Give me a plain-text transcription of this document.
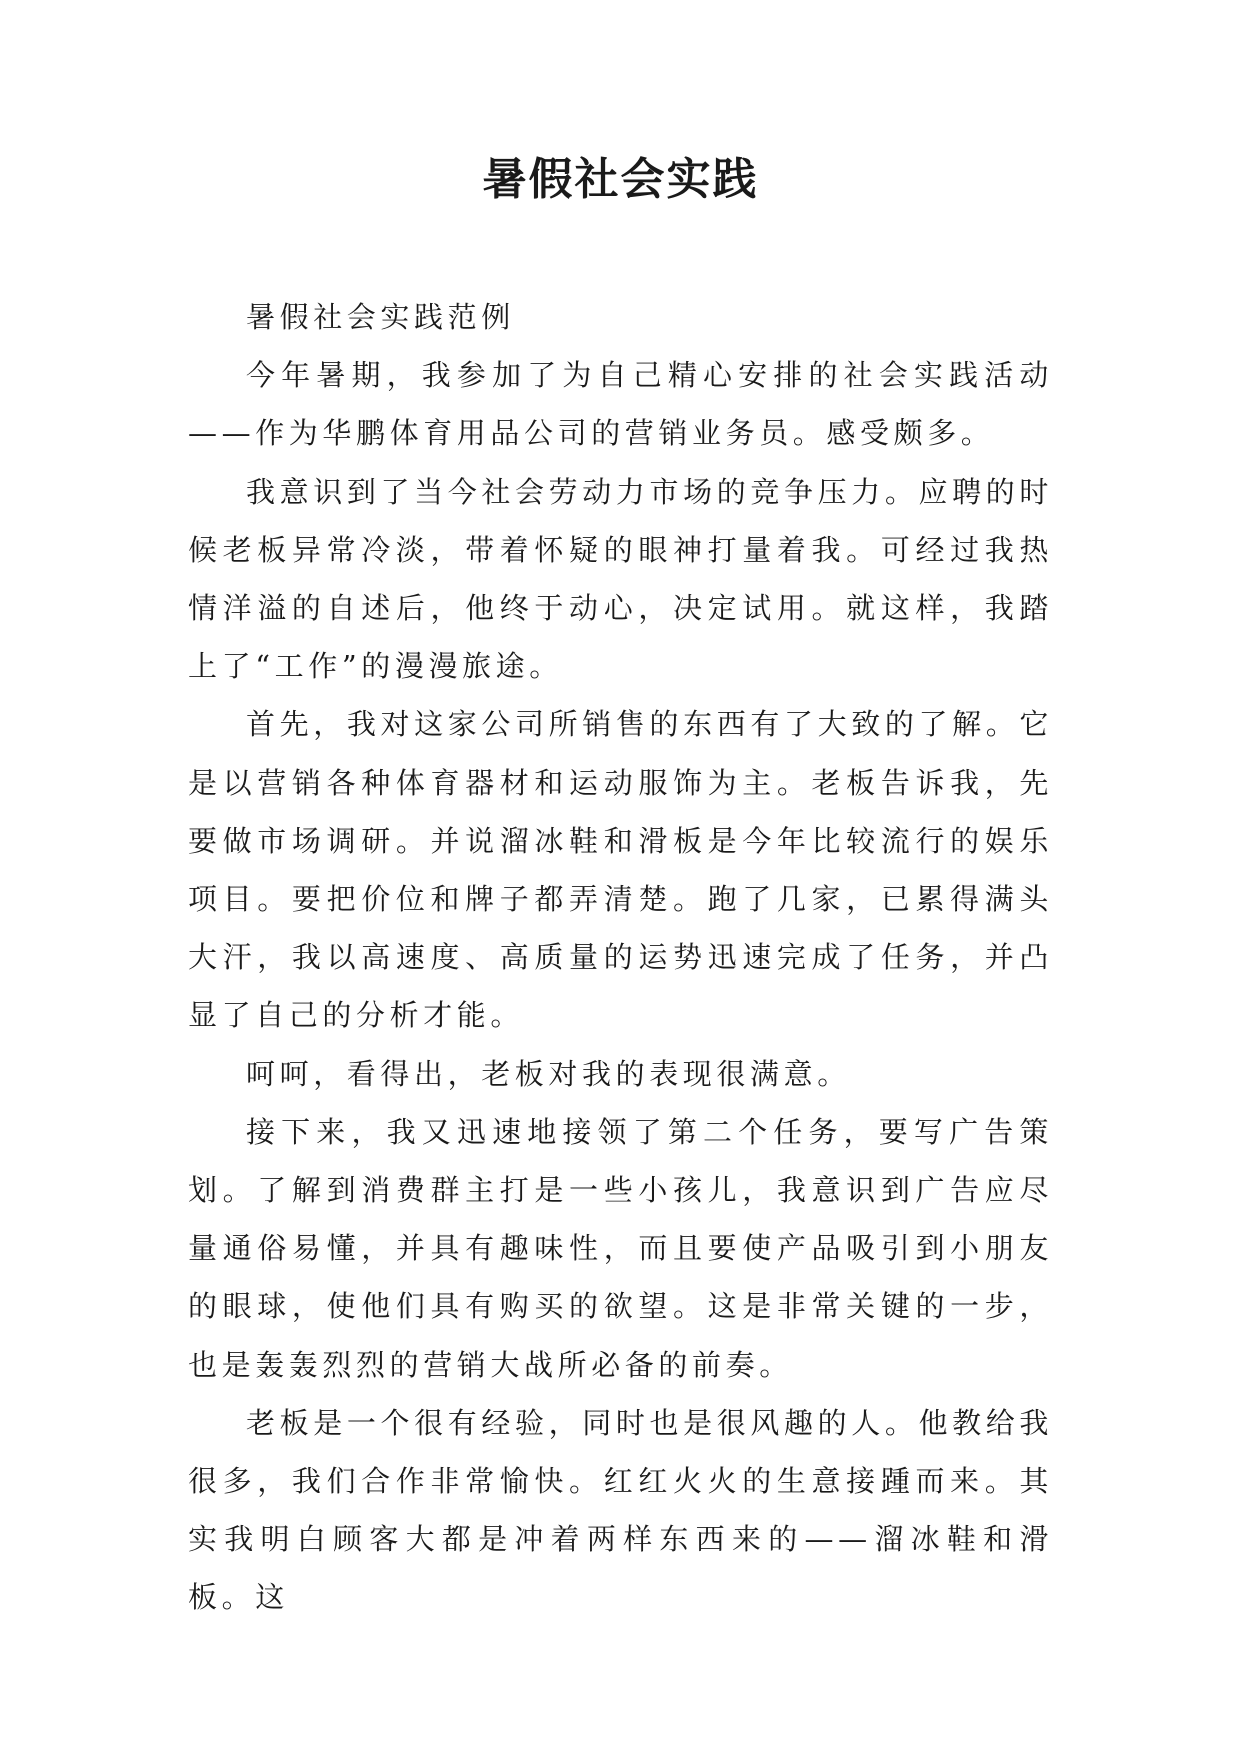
暑假社会实践

暑假社会实践范例

今年暑期，我参加了为自己精心安排的社会实践活动——作为华鹏体育用品公司的营销业务员。感受颇多。

我意识到了当今社会劳动力市场的竞争压力。应聘的时候老板异常冷淡，带着怀疑的眼神打量着我。可经过我热情洋溢的自述后，他终于动心，决定试用。就这样，我踏上了“工作”的漫漫旅途。

首先，我对这家公司所销售的东西有了大致的了解。它是以营销各种体育器材和运动服饰为主。老板告诉我，先要做市场调研。并说溜冰鞋和滑板是今年比较流行的娱乐项目。要把价位和牌子都弄清楚。跑了几家，已累得满头大汗，我以高速度、高质量的运势迅速完成了任务，并凸显了自己的分析才能。

呵呵，看得出，老板对我的表现很满意。

接下来，我又迅速地接领了第二个任务，要写广告策划。了解到消费群主打是一些小孩儿，我意识到广告应尽量通俗易懂，并具有趣味性，而且要使产品吸引到小朋友的眼球，使他们具有购买的欲望。这是非常关键的一步，也是轰轰烈烈的营销大战所必备的前奏。

老板是一个很有经验，同时也是很风趣的人。他教给我很多，我们合作非常愉快。红红火火的生意接踵而来。其实我明白顾客大都是冲着两样东西来的——溜冰鞋和滑板。这
